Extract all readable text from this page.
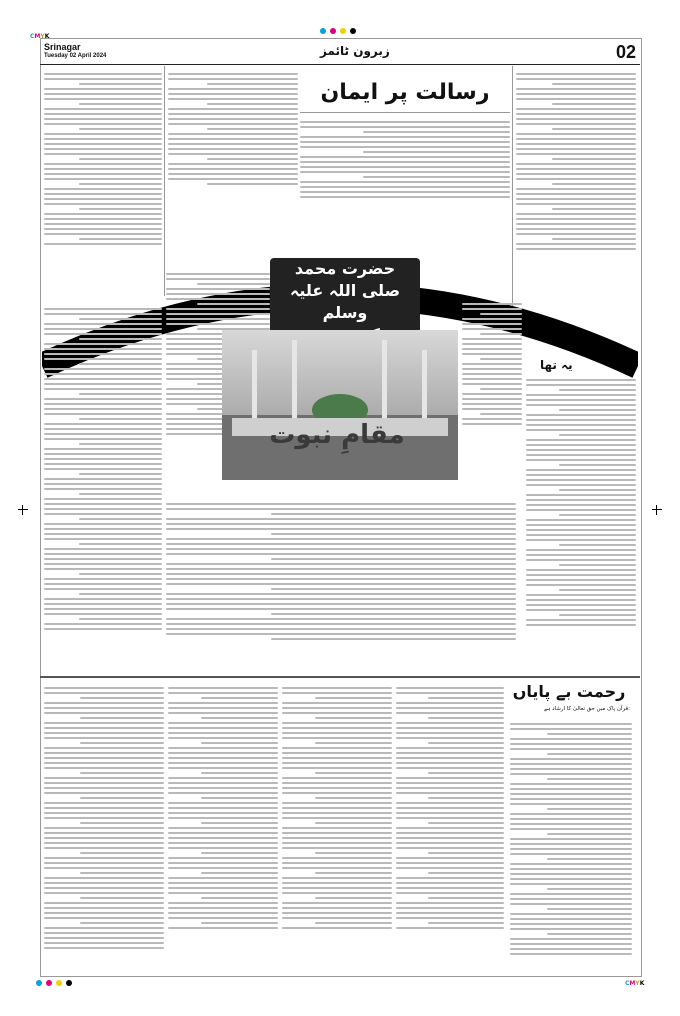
CMYK
CMYK
Srinagar
Tuesday 02 April 2024	زبرون ٹائمز	02
رسالت پر ایمان
حضرت محمد
صلی اللہ علیہ وسلم
مقامِ نبوت
یہ تھا
رحمت بے پایاں
قرآن پاک میں حق تعالیٰ کا ارشاد ہے:
